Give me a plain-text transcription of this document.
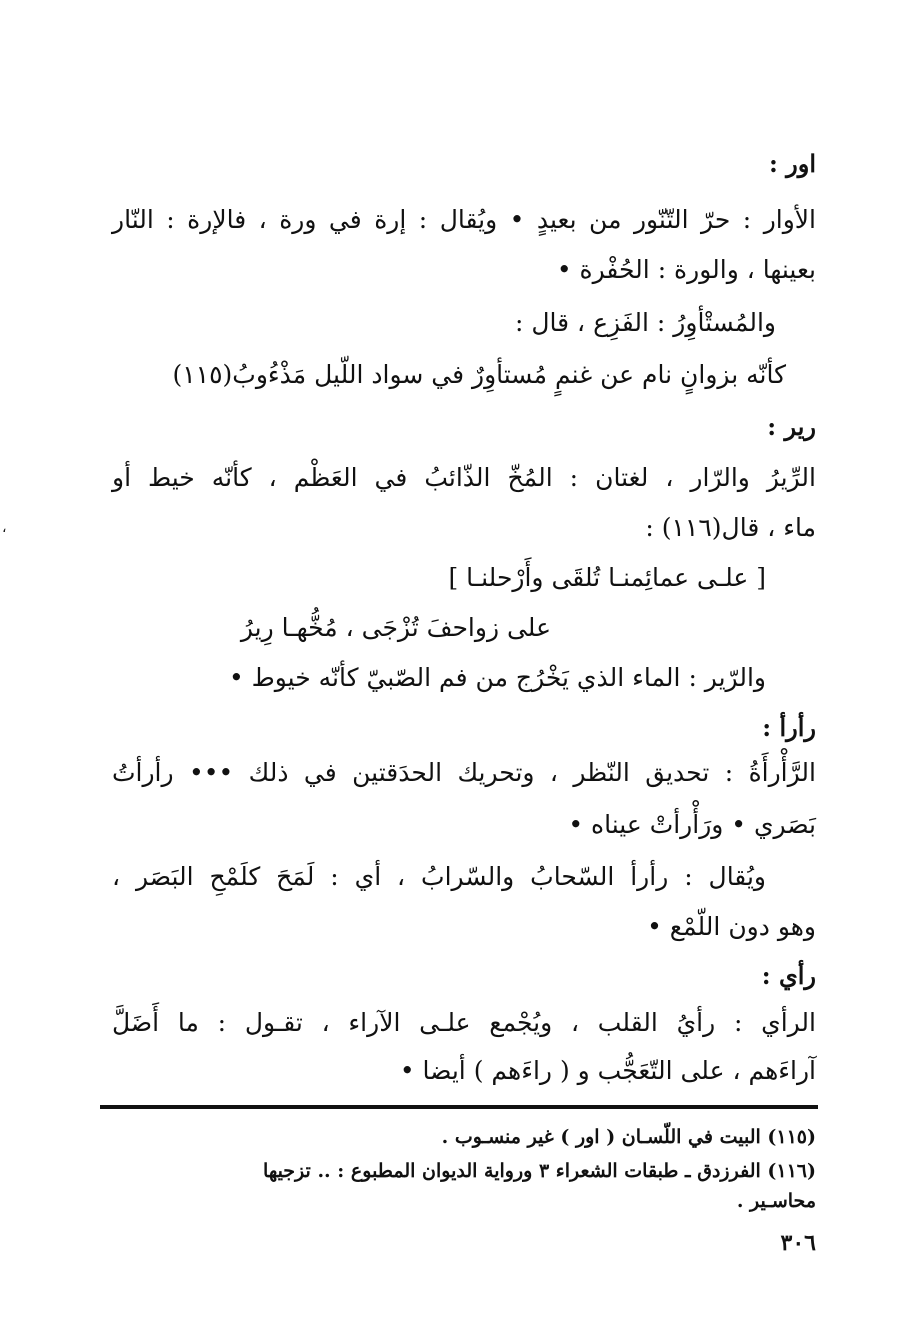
اور :
الأوار : حرّ التّنّور من بعيدٍ • ويُقال : إرة في ورة ، فالإرة : النّار
بعينها ، والورة : الحُفْرة •
والمُستْأوِرُ : الفَزِع ، قال :
كأنّه بزوانٍ نام عن غنمٍ مُستأوِرٌ في سواد اللّيل مَذْءُوبُ(١١٥)
رير :
الرِّيرُ والرّار ، لغتان : المُخّ الذّائبُ في العَظْم ، كأنّه خيط أو
ماء ، قال(١١٦) :
[ علـى عمائِمنـا تُلقَى وأَرْحلنـا ]
على زواحفَ تُزْجَى ، مُخُّهـا رِيرُ
والرّير : الماء الذي يَخْرُج من فم الصّبيّ كأنّه خيوط •
رأرأ :
الرَّأْرأَةُ : تحديق النّظر ، وتحريك الحدَقتين في ذلك ••• رأرأتُ
بَصَري • ورَأْرأتْ عيناه •
ويُقال : رأرأ السّحابُ والسّرابُ ، أي : لَمَحَ كلَمْحِ البَصَر ،
وهو دون اللّمْع •
رأي :
الرأي : رأيُ القلب ، ويُجْمع علـى الآراء ، تقـول : ما أَضَلَّ
آراءَهم ، على التّعَجُّب و ( راءَهم ) أيضا •
(١١٥) البيت في اللّسـان ( اور ) غير منسـوب .
(١١٦) الفرزدق ـ طبقات الشعراء ٣ ورواية الديوان المطبوع : .. تزجيها
محاسـير .
٣٠٦
،
